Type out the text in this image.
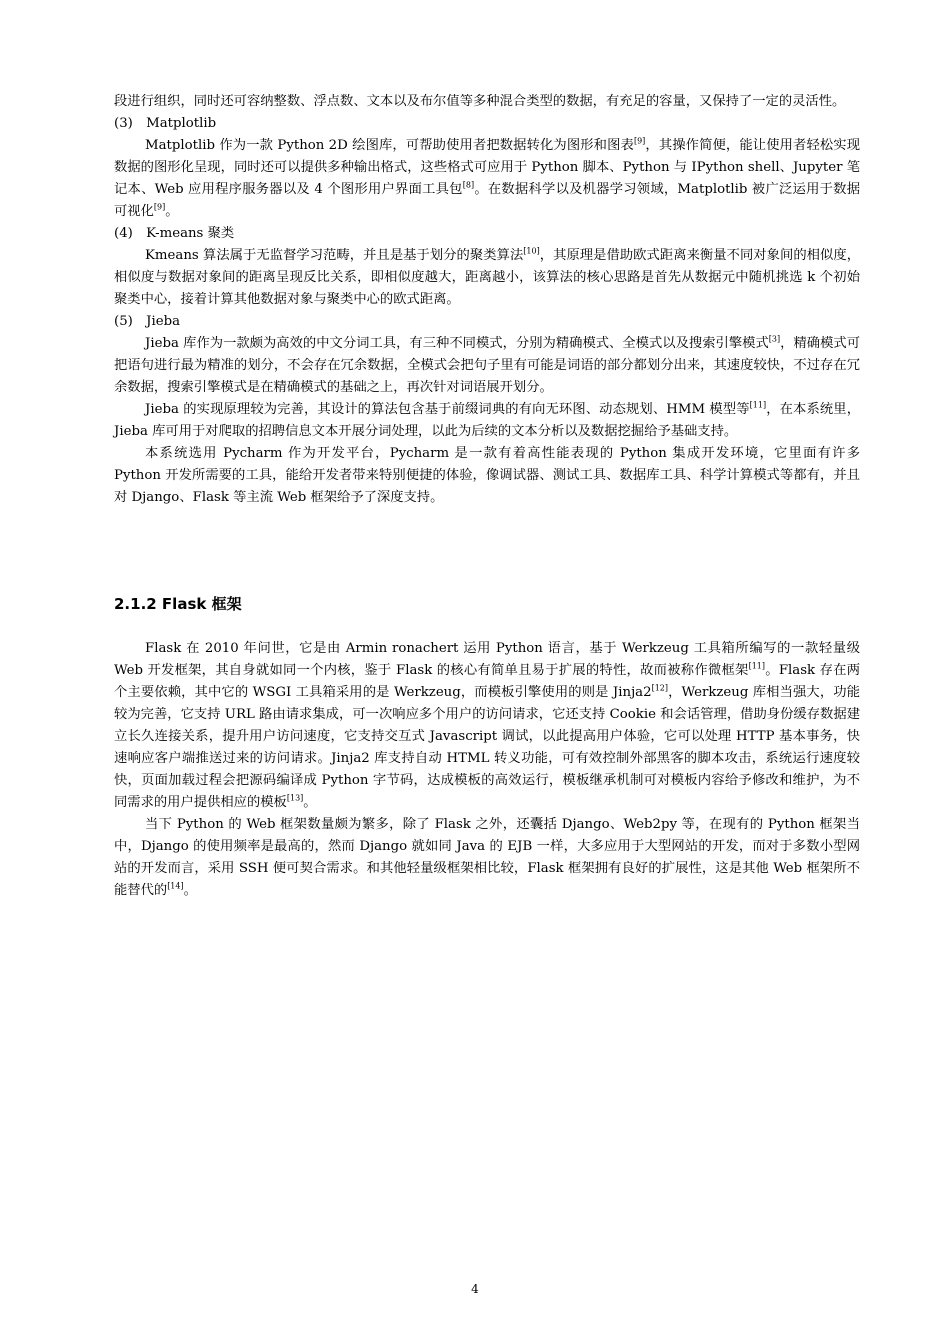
段进行组织，同时还可容纳整数、浮点数、文本以及布尔值等多种混合类型的数据，有充足的容量，又保持了一定的灵活性。

(3)　Matplotlib

Matplotlib 作为一款 Python 2D 绘图库，可帮助使用者把数据转化为图形和图表[9]，其操作简便，能让使用者轻松实现数据的图形化呈现，同时还可以提供多种输出格式，这些格式可应用于 Python 脚本、Python 与 IPython shell、Jupyter 笔记本、Web 应用程序服务器以及 4 个图形用户界面工具包[8]。在数据科学以及机器学习领域，Matplotlib 被广泛运用于数据可视化[9]。

(4)　K-means 聚类

Kmeans 算法属于无监督学习范畴，并且是基于划分的聚类算法[10]，其原理是借助欧式距离来衡量不同对象间的相似度，相似度与数据对象间的距离呈现反比关系，即相似度越大，距离越小，该算法的核心思路是首先从数据元中随机挑选 k 个初始聚类中心，接着计算其他数据对象与聚类中心的欧式距离。

(5)　Jieba

Jieba 库作为一款颇为高效的中文分词工具，有三种不同模式，分别为精确模式、全模式以及搜索引擎模式[3]，精确模式可把语句进行最为精准的划分，不会存在冗余数据，全模式会把句子里有可能是词语的部分都划分出来，其速度较快，不过存在冗余数据，搜索引擎模式是在精确模式的基础之上，再次针对词语展开划分。

Jieba 的实现原理较为完善，其设计的算法包含基于前缀词典的有向无环图、动态规划、HMM 模型等[11]，在本系统里，Jieba 库可用于对爬取的招聘信息文本开展分词处理，以此为后续的文本分析以及数据挖掘给予基础支持。

本系统选用 Pycharm 作为开发平台，Pycharm 是一款有着高性能表现的 Python 集成开发环境，它里面有许多 Python 开发所需要的工具，能给开发者带来特别便捷的体验，像调试器、测试工具、数据库工具、科学计算模式等都有，并且对 Django、Flask 等主流 Web 框架给予了深度支持。

2.1.2 Flask 框架

Flask 在 2010 年问世，它是由 Armin ronachert 运用 Python 语言，基于 Werkzeug 工具箱所编写的一款轻量级 Web 开发框架，其自身就如同一个内核，鉴于 Flask 的核心有简单且易于扩展的特性，故而被称作微框架[11]。Flask 存在两个主要依赖，其中它的 WSGI 工具箱采用的是 Werkzeug，而模板引擎使用的则是 Jinja2[12]，Werkzeug 库相当强大，功能较为完善，它支持 URL 路由请求集成，可一次响应多个用户的访问请求，它还支持 Cookie 和会话管理，借助身份缓存数据建立长久连接关系，提升用户访问速度，它支持交互式 Javascript 调试，以此提高用户体验，它可以处理 HTTP 基本事务，快速响应客户端推送过来的访问请求。Jinja2 库支持自动 HTML 转义功能，可有效控制外部黑客的脚本攻击，系统运行速度较快，页面加载过程会把源码编译成 Python 字节码，达成模板的高效运行，模板继承机制可对模板内容给予修改和维护，为不同需求的用户提供相应的模板[13]。

当下 Python 的 Web 框架数量颇为繁多，除了 Flask 之外，还囊括 Django、Web2py 等，在现有的 Python 框架当中，Django 的使用频率是最高的，然而 Django 就如同 Java 的 EJB 一样，大多应用于大型网站的开发，而对于多数小型网站的开发而言，采用 SSH 便可契合需求。和其他轻量级框架相比较，Flask 框架拥有良好的扩展性，这是其他 Web 框架所不能替代的[14]。

4
